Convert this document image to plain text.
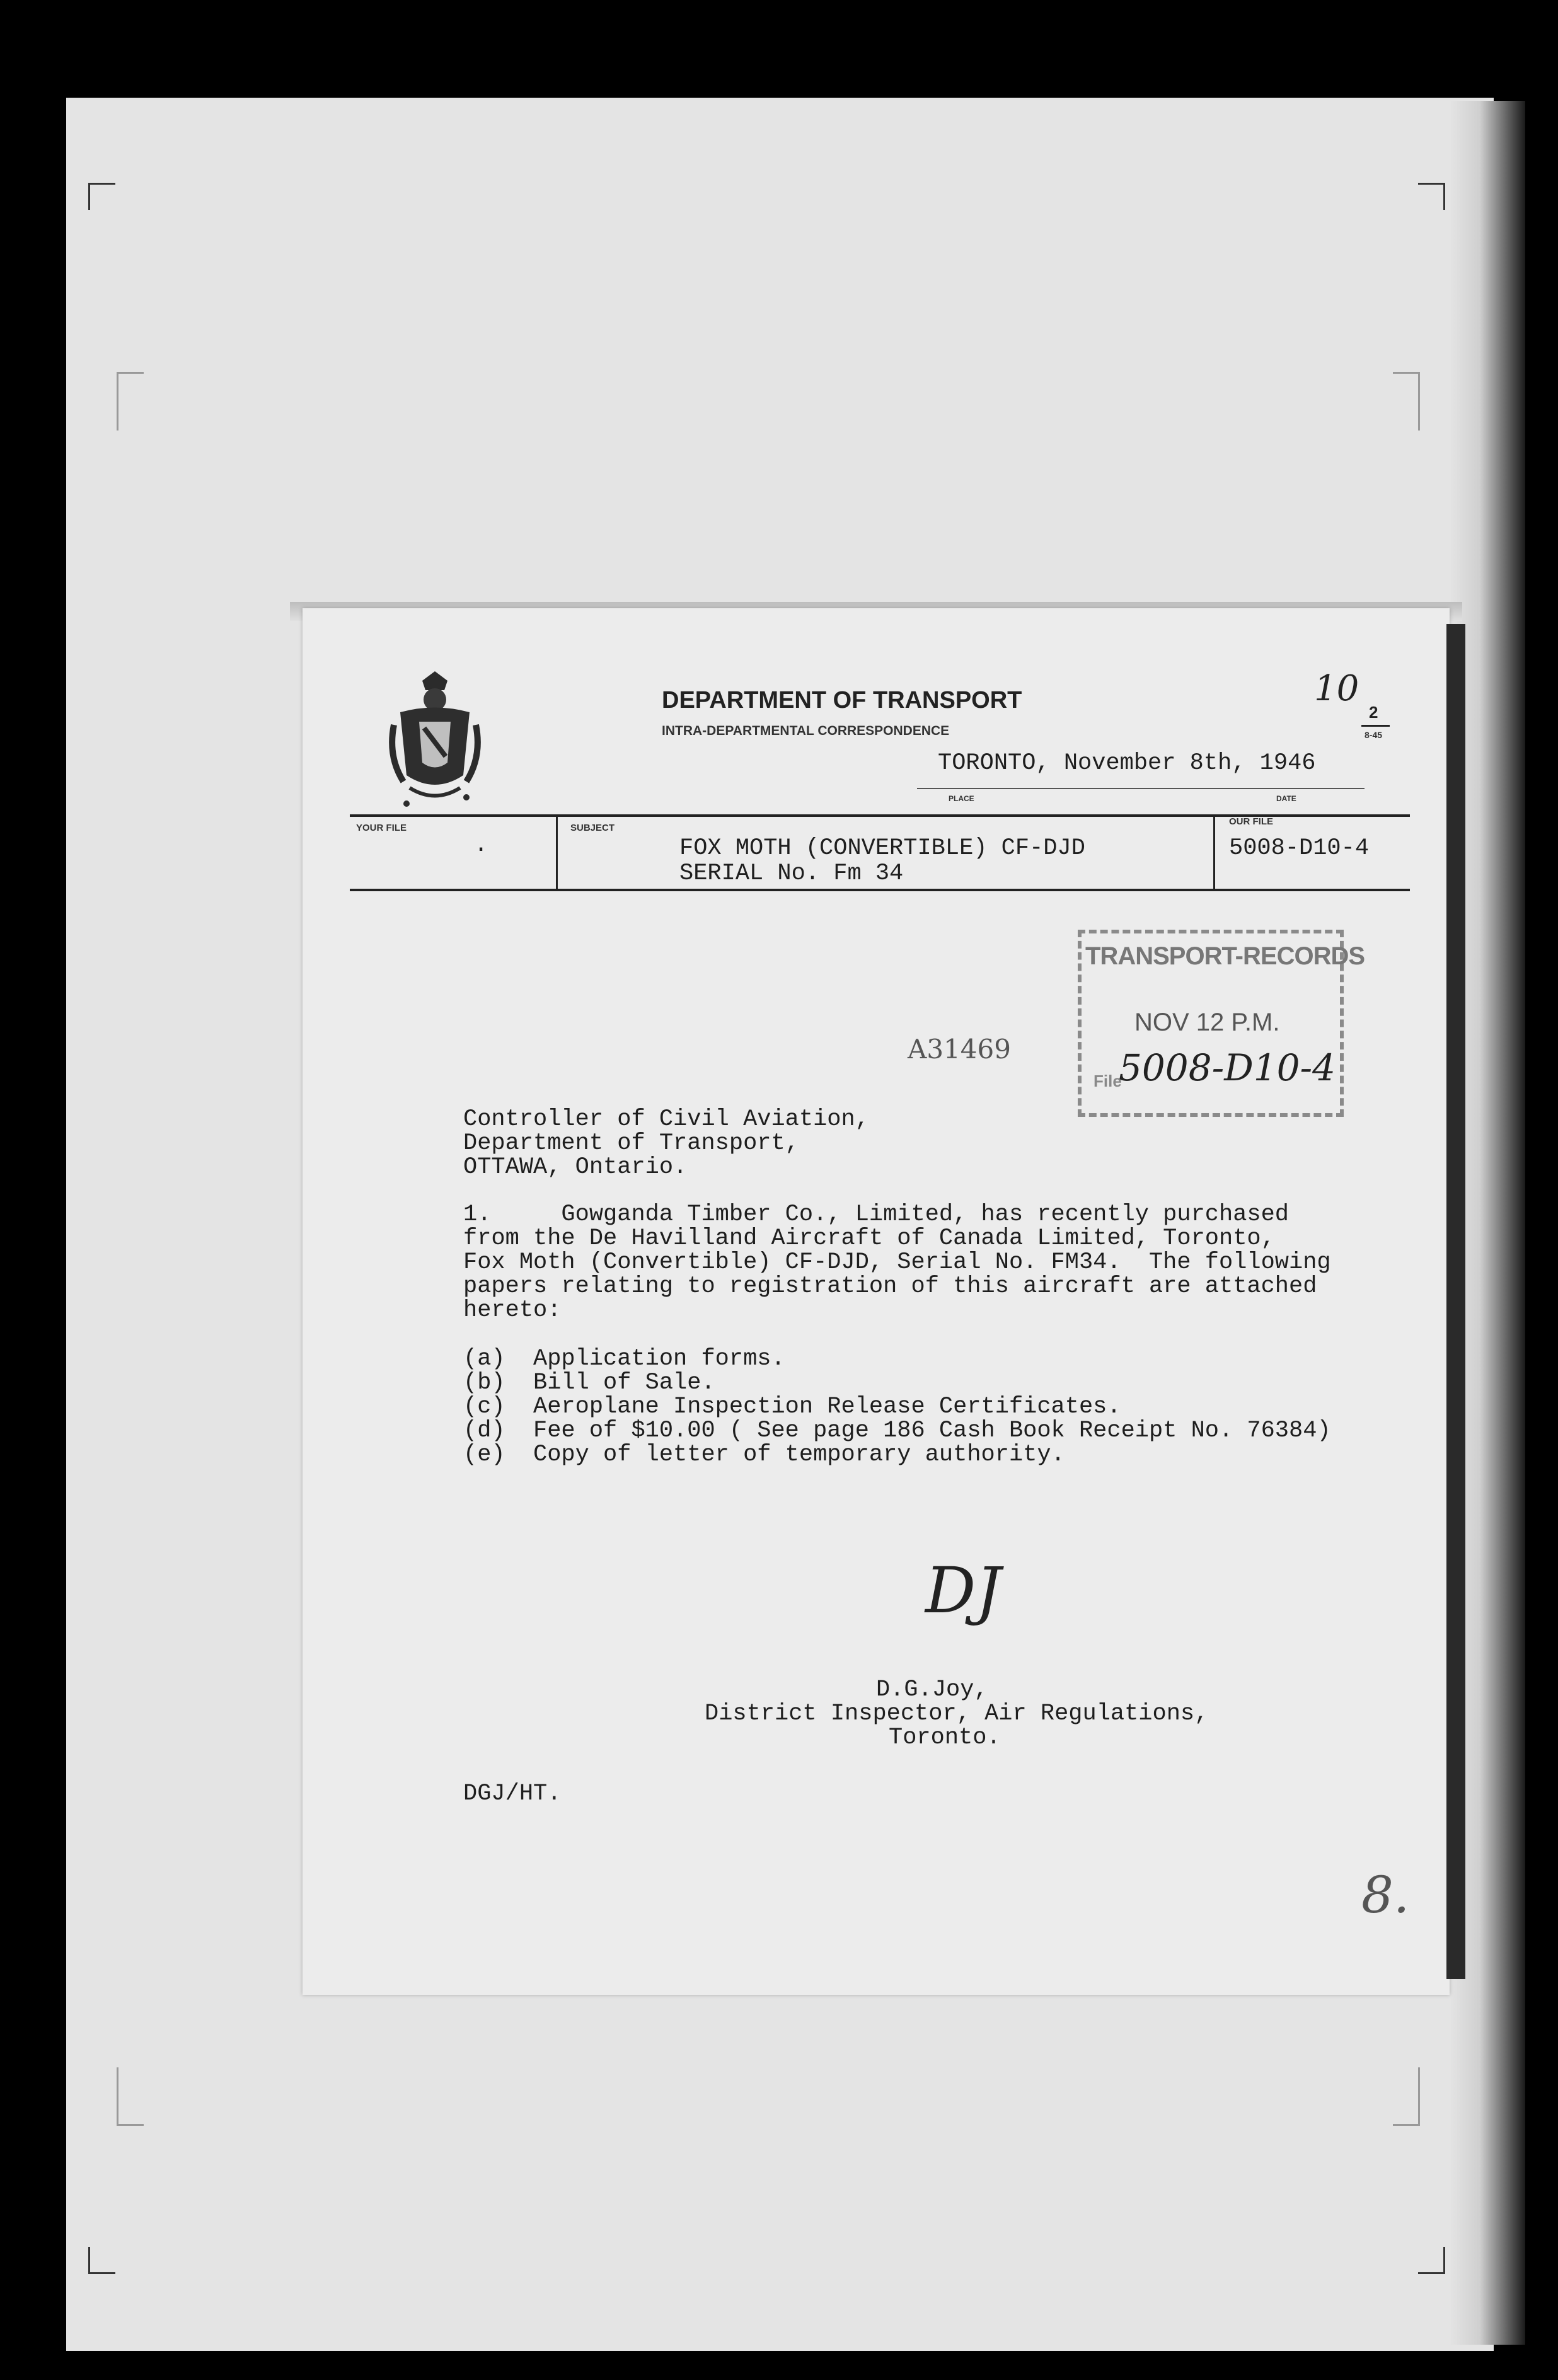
DEPARTMENT OF TRANSPORT
INTRA-DEPARTMENTAL CORRESPONDENCE
10
2
8-45
TORONTO, November 8th, 1946
PLACE	DATE
YOUR FILE
.
SUBJECT
FOX MOTH (CONVERTIBLE) CF-DJD
SERIAL No. Fm 34
OUR FILE
5008-D10-4
TRANSPORT-RECORDS
NOV 12 P.M.
File
5008-D10-4
A31469
Controller of Civil Aviation,
Department of Transport,
OTTAWA, Ontario.
1.     Gowganda Timber Co., Limited, has recently purchased
from the De Havilland Aircraft of Canada Limited, Toronto,
Fox Moth (Convertible) CF-DJD, Serial No. FM34.  The following
papers relating to registration of this aircraft are attached
hereto:
(a)  Application forms.
(b)  Bill of Sale.
(c)  Aeroplane Inspection Release Certificates.
(d)  Fee of $10.00 ( See page 186 Cash Book Receipt No. 76384)
(e)  Copy of letter of temporary authority.
DJ
D.G.Joy,
District Inspector, Air Regulations,
Toronto.
DGJ/HT.
8.
